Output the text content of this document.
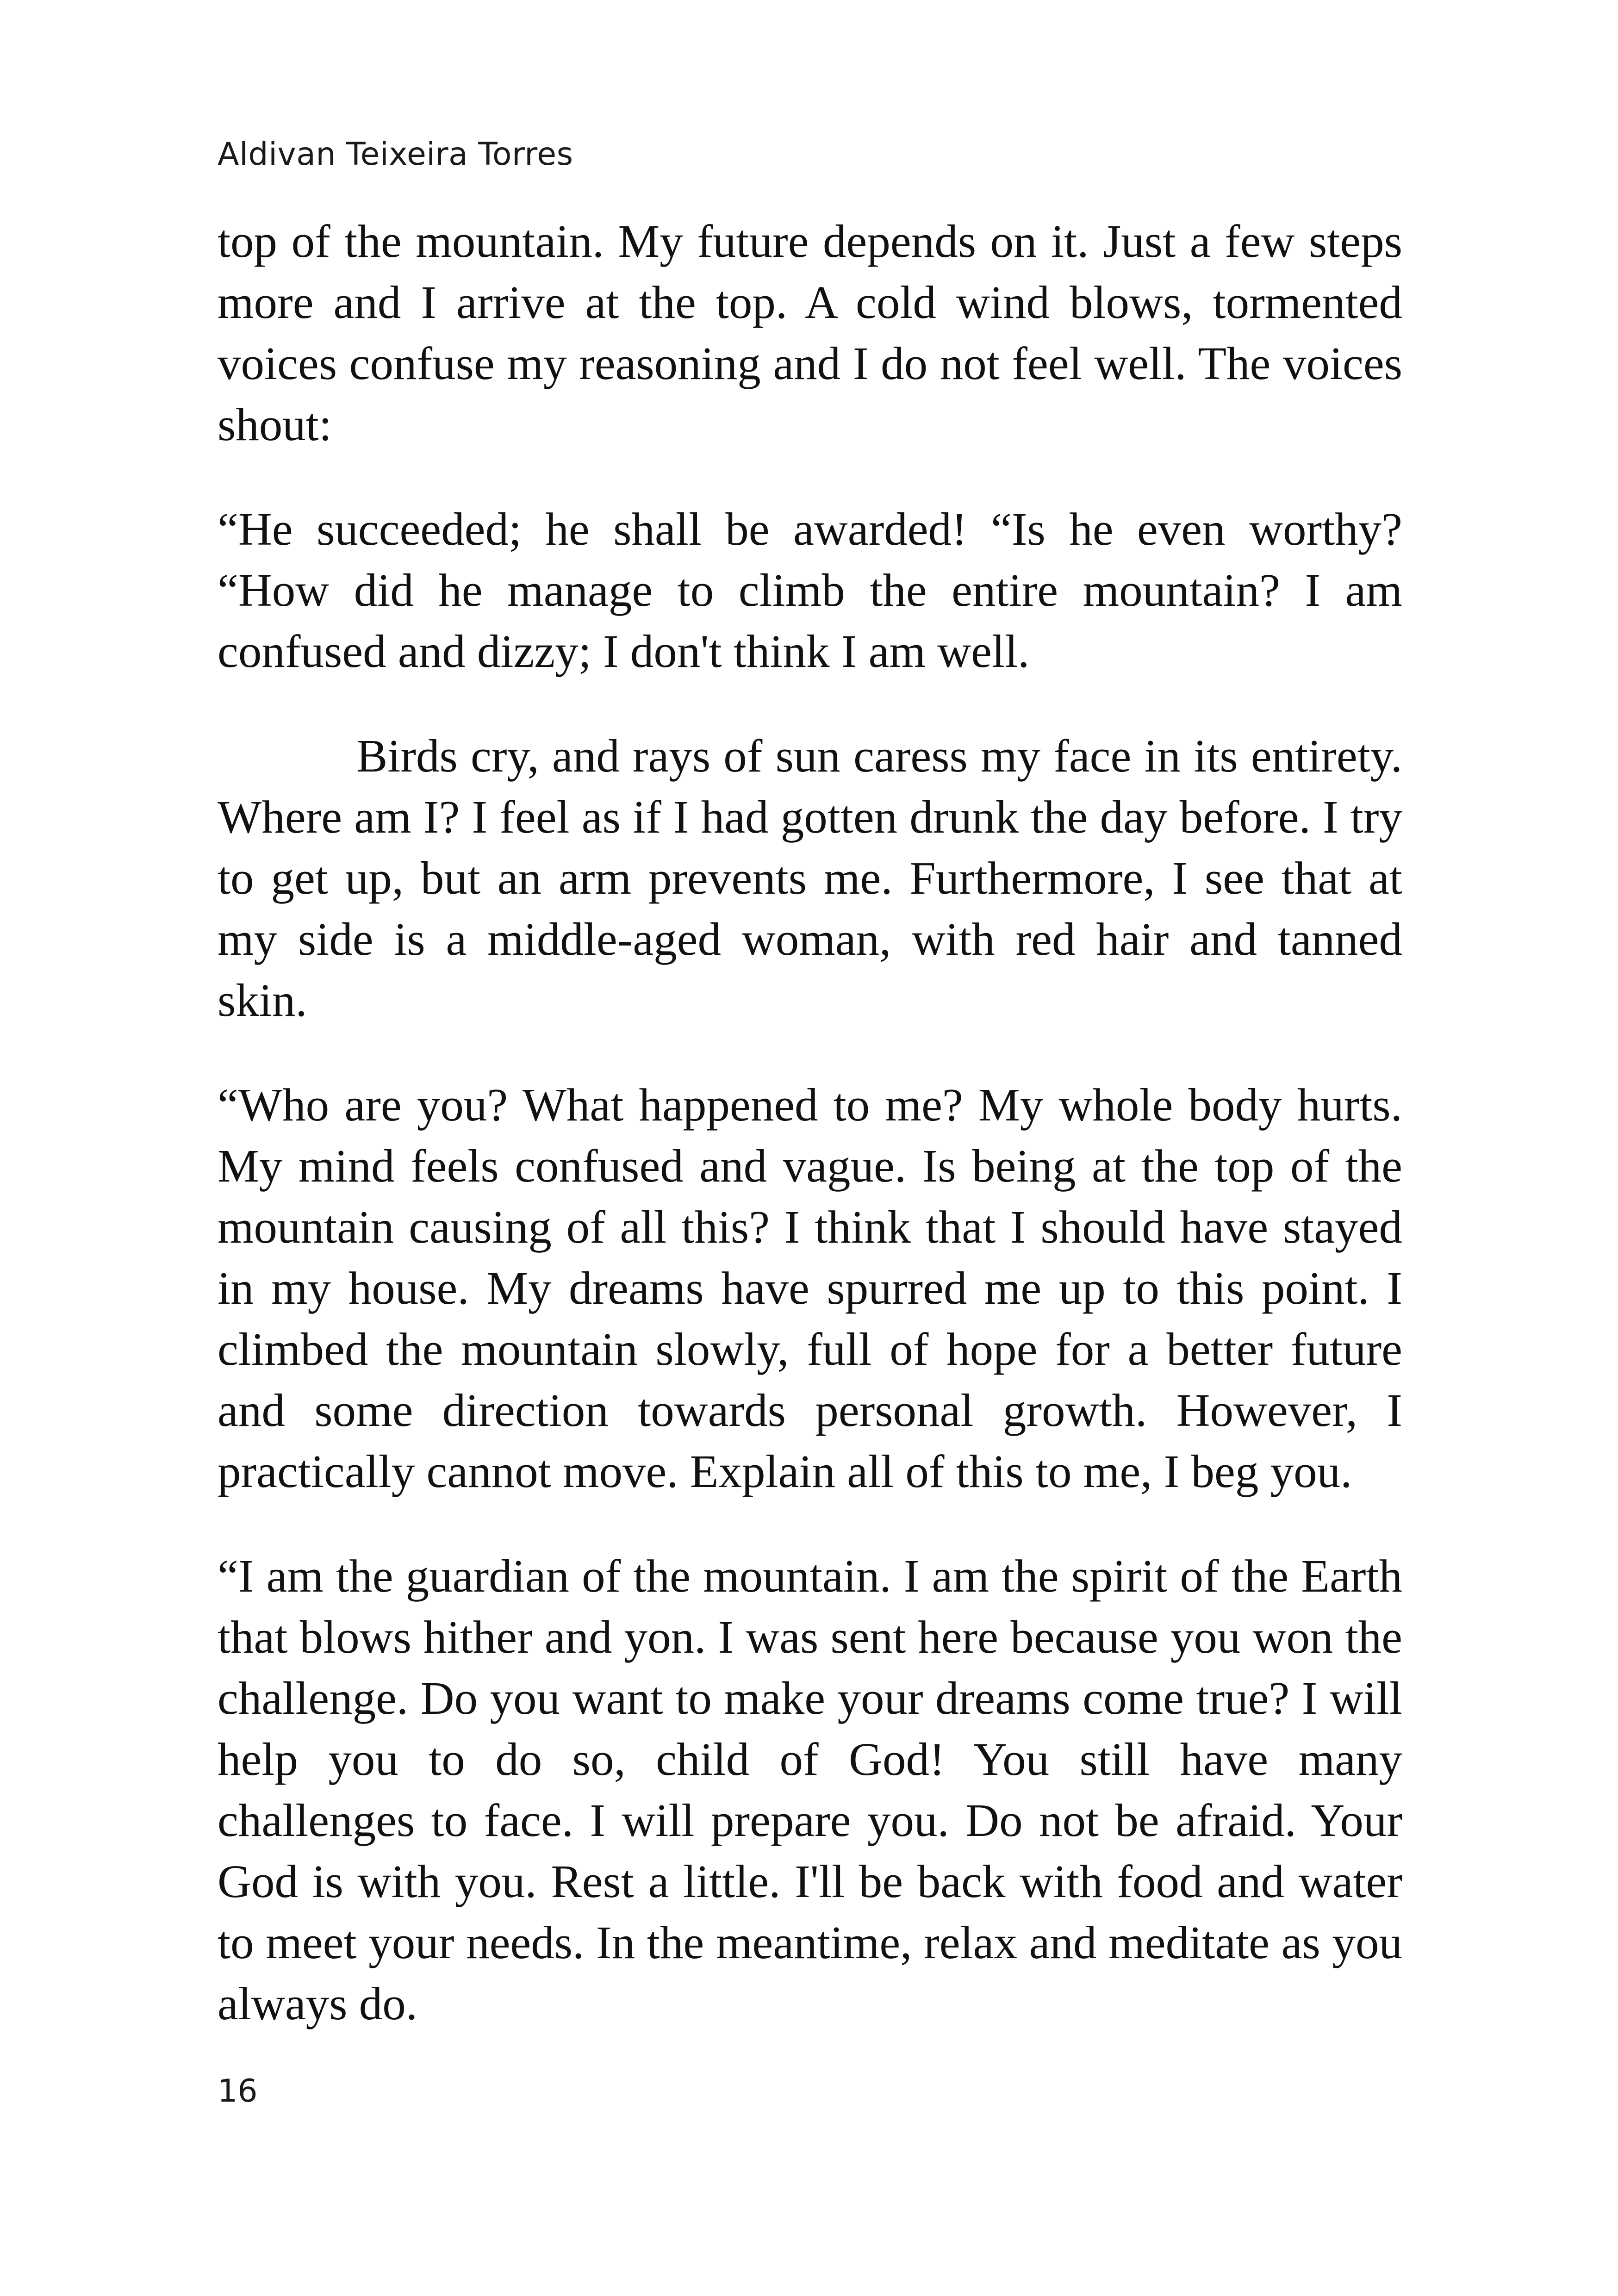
Aldivan Teixeira Torres

top of the mountain. My future depends on it. Just a few steps more and I arrive at the top. A cold wind blows, tormented voices confuse my reasoning and I do not feel well. The voices shout:

“He succeeded; he shall be awarded! “Is he even worthy? “How did he manage to climb the entire mountain? I am confused and dizzy; I don't think I am well.

Birds cry, and rays of sun caress my face in its entirety. Where am I? I feel as if I had gotten drunk the day before. I try to get up, but an arm prevents me. Furthermore, I see that at my side is a middle-aged woman, with red hair and tanned skin.

“Who are you? What happened to me? My whole body hurts. My mind feels confused and vague. Is being at the top of the mountain causing of all this? I think that I should have stayed in my house. My dreams have spurred me up to this point. I climbed the mountain slowly, full of hope for a better future and some direction towards personal growth. However, I practically cannot move. Explain all of this to me, I beg you.

“I am the guardian of the mountain. I am the spirit of the Earth that blows hither and yon. I was sent here because you won the challenge. Do you want to make your dreams come true? I will help you to do so, child of God! You still have many challenges to face. I will prepare you. Do not be afraid. Your God is with you. Rest a little. I'll be back with food and water to meet your needs. In the meantime, relax and meditate as you always do.

16
